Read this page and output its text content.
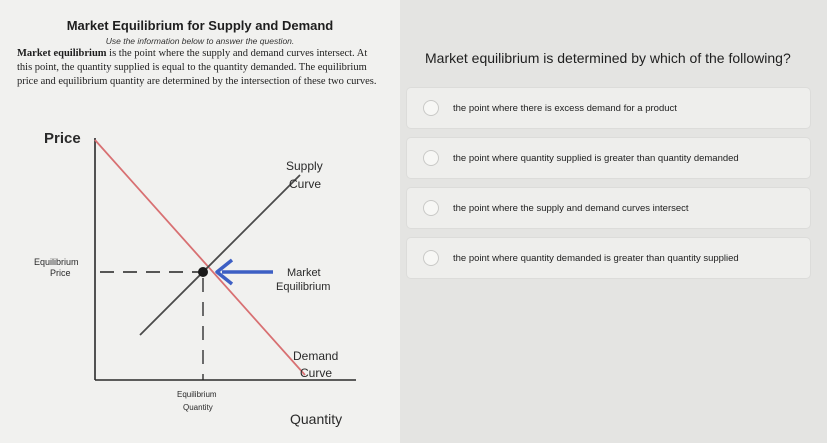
Market Equilibrium for Supply and Demand
Use the information below to answer the question.
Market equilibrium is the point where the supply and demand curves intersect. At this point, the quantity supplied is equal to the quantity demanded. The equilibrium price and equilibrium quantity are determined by the intersection of these two curves.
Price
Supply
Curve
Market
Equilibrium
Equilibrium
Price
Demand
Curve
Equilibrium
Quantity
Quantity
Market equilibrium is determined by which of the following?
the point where there is excess demand for a product
the point where quantity supplied is greater than quantity demanded
the point where the supply and demand curves intersect
the point where quantity demanded is greater than quantity supplied
